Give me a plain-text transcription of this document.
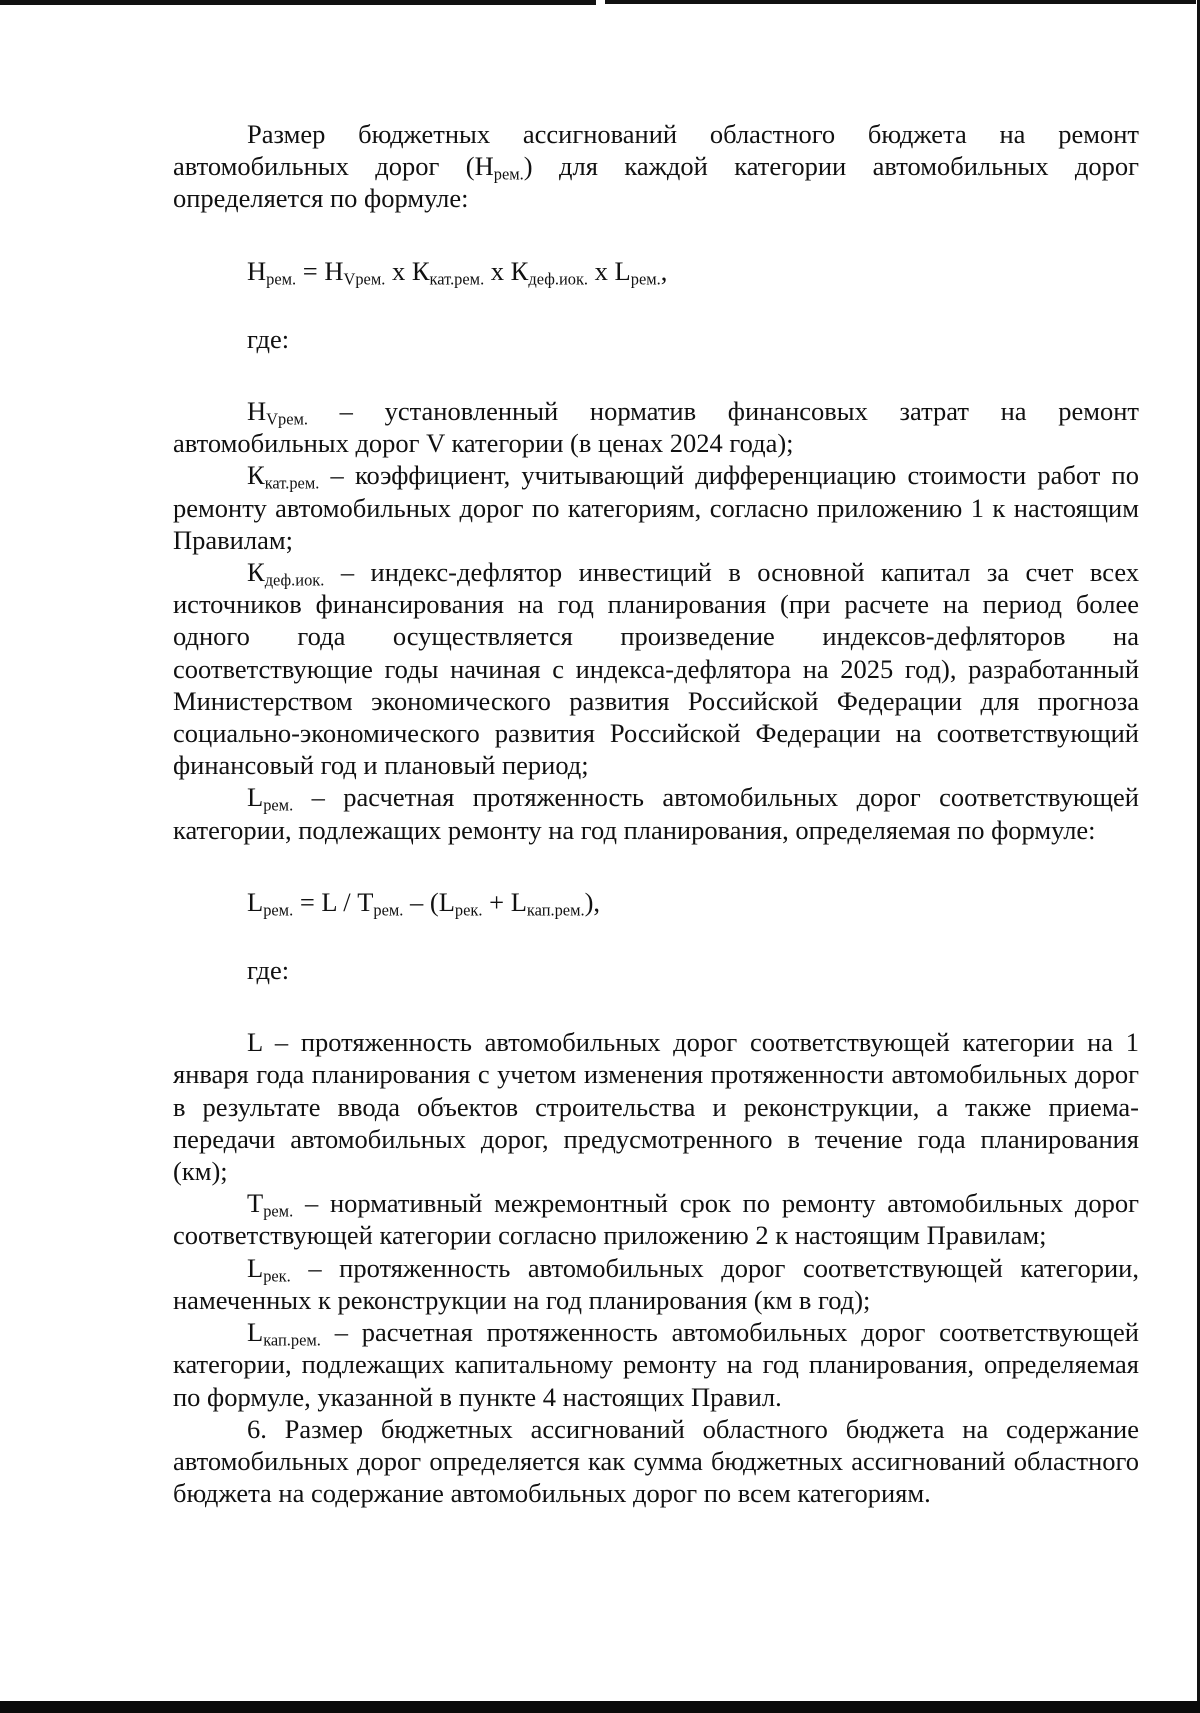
Размер бюджетных ассигнований областного бюджета на ремонт автомобильных дорог $(Н_{рем.})$ для каждой категории автомобильных дорог определяется по формуле:

$Н_{рем.} = Н_{Vрем.}$ х $К_{кат.рем.}$ х $К_{деф.иок.}$ х $L_{рем.}$,

где:

$Н_{Vрем.}$ – установленный норматив финансовых затрат на ремонт автомобильных дорог V категории (в ценах 2024 года);

$К_{кат.рем.}$ – коэффициент, учитывающий дифференциацию стоимости работ по ремонту автомобильных дорог по категориям, согласно приложению 1 к настоящим Правилам;

$К_{деф.иок.}$ – индекс-дефлятор инвестиций в основной капитал за счет всех источников финансирования на год планирования (при расчете на период более одного года осуществляется произведение индексов-дефляторов на соответствующие годы начиная с индекса-дефлятора на 2025 год), разработанный Министерством экономического развития Российской Федерации для прогноза социально-экономического развития Российской Федерации на соответствующий финансовый год и плановый период;

$L_{рем.}$ – расчетная протяженность автомобильных дорог соответствующей категории, подлежащих ремонту на год планирования, определяемая по формуле:

$L_{рем.} = L / Т_{рем.} - (L_{рек.} + L_{кап.рем.})$,

где:

L – протяженность автомобильных дорог соответствующей категории на 1 января года планирования с учетом изменения протяженности автомобильных дорог в результате ввода объектов строительства и реконструкции, а также приема-передачи автомобильных дорог, предусмотренного в течение года планирования (км);

$Т_{рем.}$ – нормативный межремонтный срок по ремонту автомобильных дорог соответствующей категории согласно приложению 2 к настоящим Правилам;

$L_{рек.}$ – протяженность автомобильных дорог соответствующей категории, намеченных к реконструкции на год планирования (км в год);

$L_{кап.рем.}$ – расчетная протяженность автомобильных дорог соответствующей категории, подлежащих капитальному ремонту на год планирования, определяемая по формуле, указанной в пункте 4 настоящих Правил.

6. Размер бюджетных ассигнований областного бюджета на содержание автомобильных дорог определяется как сумма бюджетных ассигнований областного бюджета на содержание автомобильных дорог по всем категориям.
